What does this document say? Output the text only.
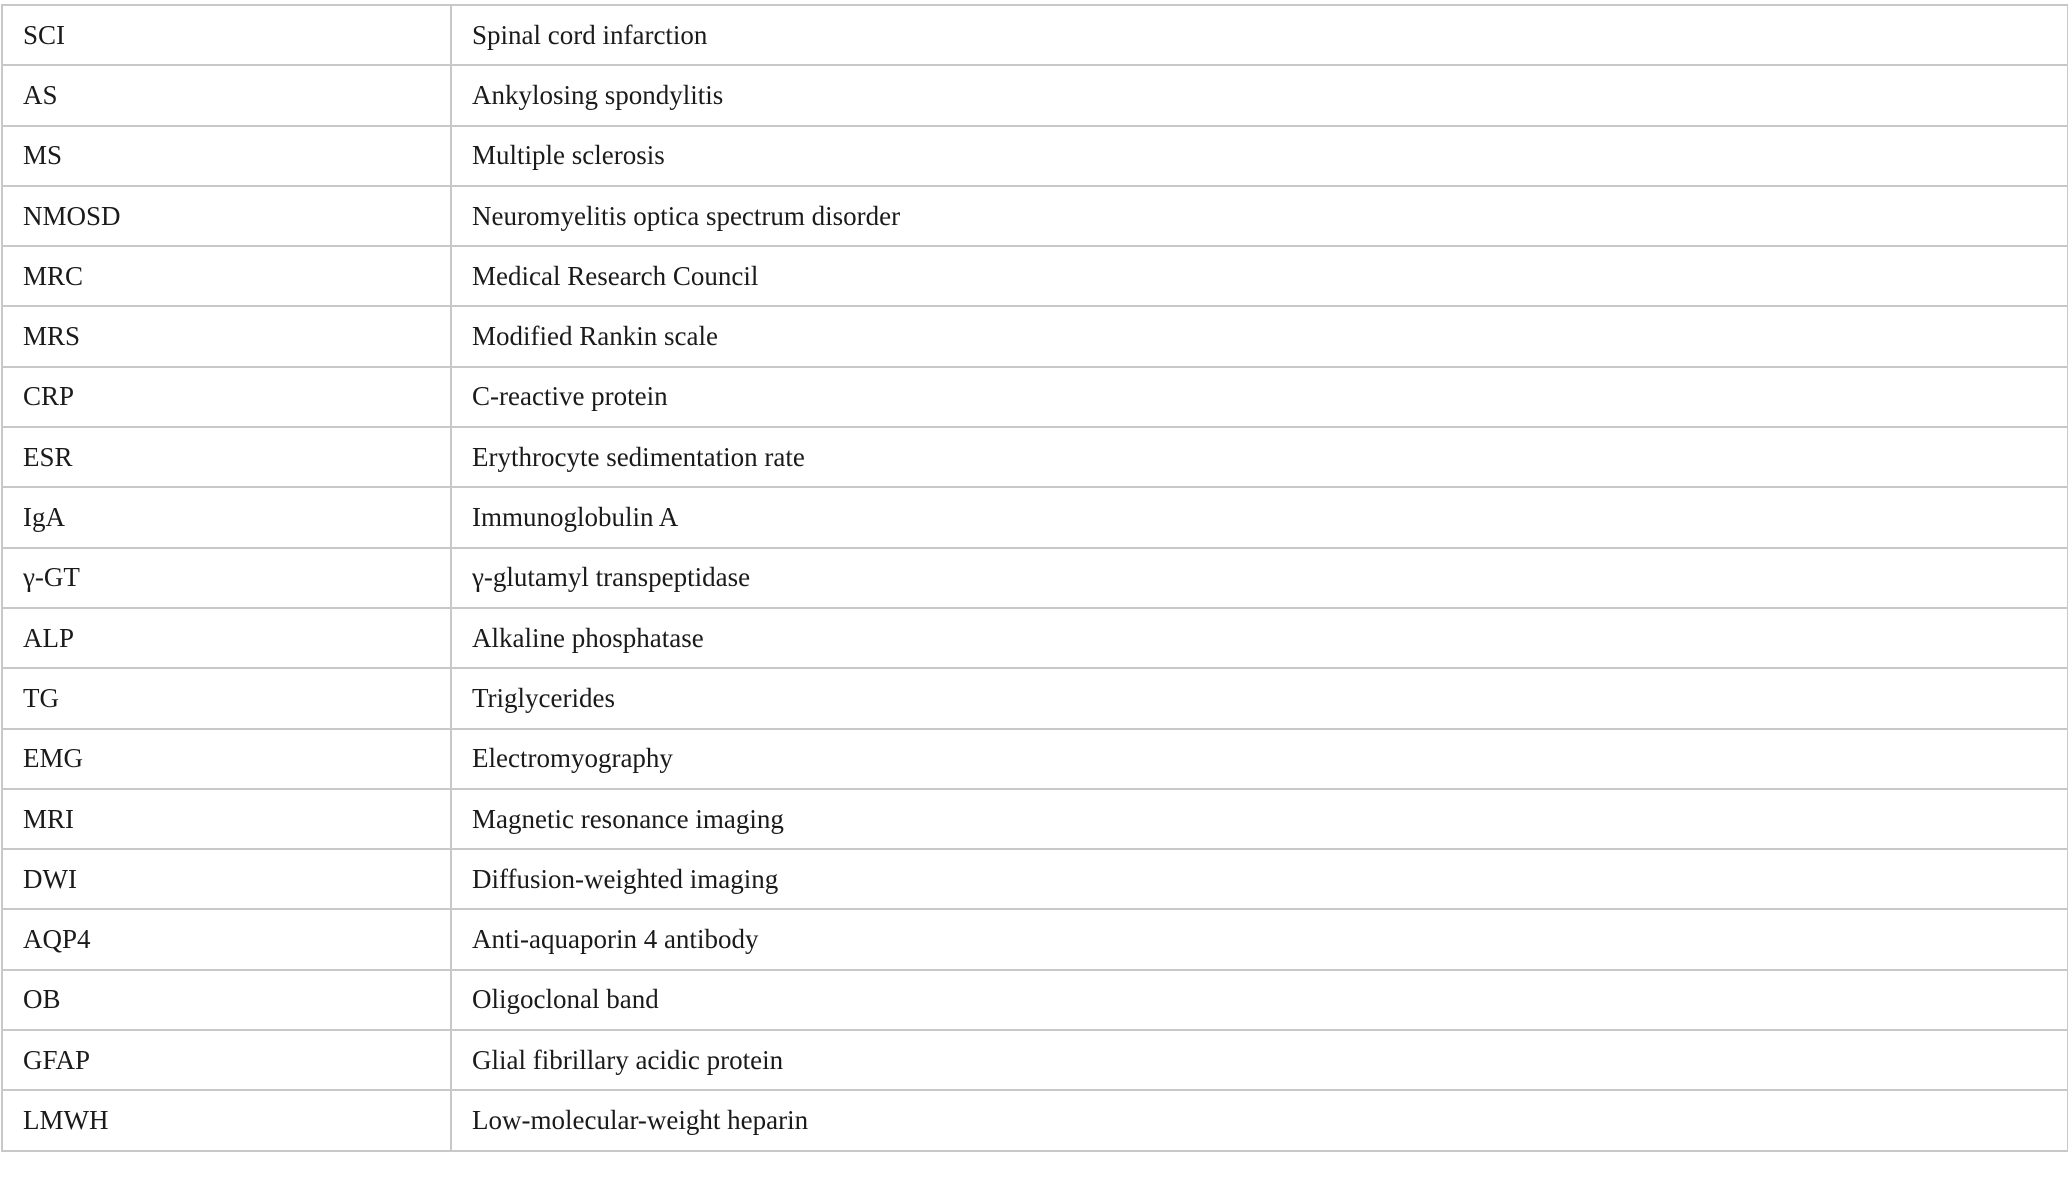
SCI	Spinal cord infarction
AS	Ankylosing spondylitis
MS	Multiple sclerosis
NMOSD	Neuromyelitis optica spectrum disorder
MRC	Medical Research Council
MRS	Modified Rankin scale
CRP	C-reactive protein
ESR	Erythrocyte sedimentation rate
IgA	Immunoglobulin A
γ-GT	γ-glutamyl transpeptidase
ALP	Alkaline phosphatase
TG	Triglycerides
EMG	Electromyography
MRI	Magnetic resonance imaging
DWI	Diffusion-weighted imaging
AQP4	Anti-aquaporin 4 antibody
OB	Oligoclonal band
GFAP	Glial fibrillary acidic protein
LMWH	Low-molecular-weight heparin
